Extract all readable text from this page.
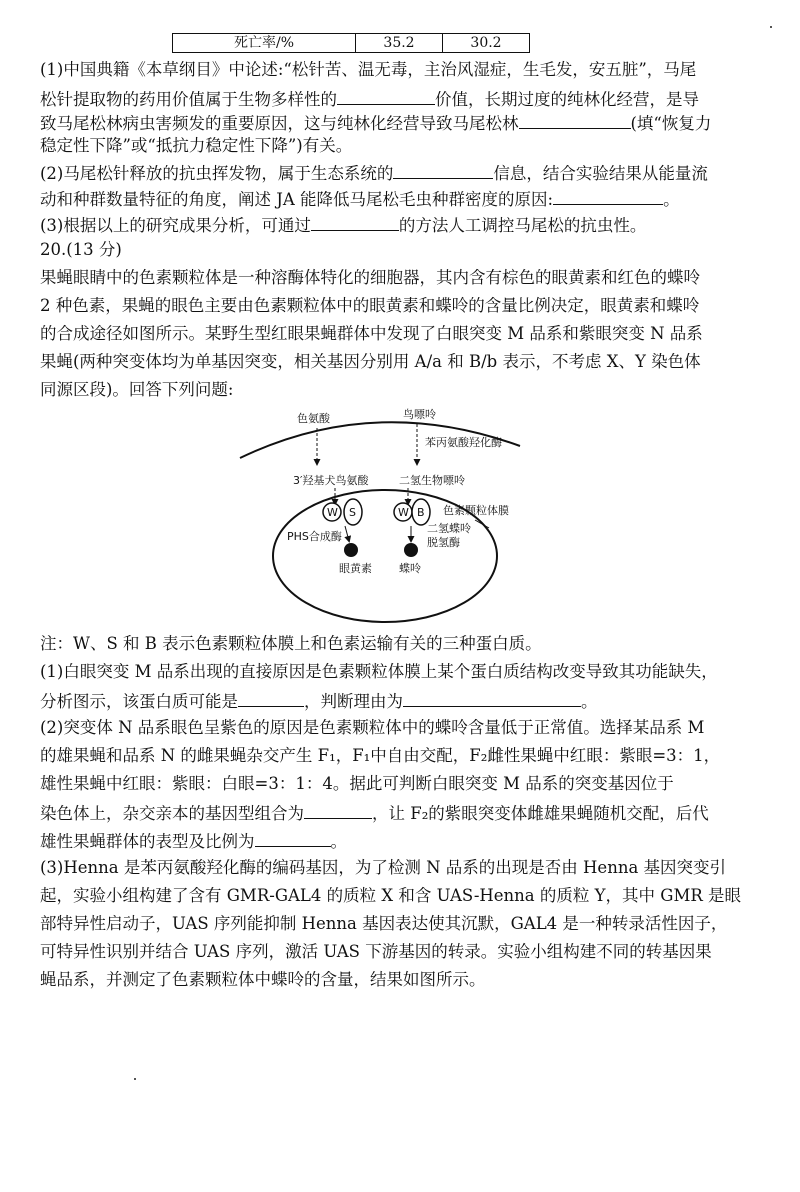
死亡率/%	35.2	30.2
(1)中国典籍《本草纲目》中论述:“松针苦、温无毒，主治风湿症，生毛发，安五脏”，马尾
松针提取物的药用价值属于生物多样性的	价值，长期过度的纯林化经营，是导
致马尾松林病虫害频发的重要原因，这与纯林化经营导致马尾松林	(填“恢复力
稳定性下降”或“抵抗力稳定性下降”)有关。
(2)马尾松针释放的抗虫挥发物，属于生态系统的	信息，结合实验结果从能量流
动和种群数量特征的角度，阐述 JA 能降低马尾松毛虫种群密度的原因:	。
(3)根据以上的研究成果分析，可通过	的方法人工调控马尾松的抗虫性。
20.(13 分)
果蝇眼睛中的色素颗粒体是一种溶酶体特化的细胞器，其内含有棕色的眼黄素和红色的蝶呤
2 种色素，果蝇的眼色主要由色素颗粒体中的眼黄素和蝶呤的含量比例决定，眼黄素和蝶呤
的合成途径如图所示。某野生型红眼果蝇群体中发现了白眼突变 M 品系和紫眼突变 N 品系
果蝇(两种突变体均为单基因突变，相关基因分别用 A/a 和 B/b 表示，不考虑 X、Y 染色体
同源区段)。回答下列问题:
色氨酸	鸟嘌呤
苯丙氨酸羟化酶
3′羟基犬鸟氨酸	二氢生物嘌呤
W S	W B
PHS合成酶
二氢蝶呤
脱氢酶
眼黄素 蝶呤
色素颗粒体膜
注：W、S 和 B 表示色素颗粒体膜上和色素运输有关的三种蛋白质。
(1)白眼突变 M 品系出现的直接原因是色素颗粒体膜上某个蛋白质结构改变导致其功能缺失，
分析图示，该蛋白质可能是	，判断理由为	。
(2)突变体 N 品系眼色呈紫色的原因是色素颗粒体中的蝶呤含量低于正常值。选择某品系 M
的雄果蝇和品系 N 的雌果蝇杂交产生 F₁，F₁中自由交配，F₂雌性果蝇中红眼：紫眼=3：1，
雄性果蝇中红眼：紫眼：白眼=3：1：4。据此可判断白眼突变 M 品系的突变基因位于
染色体上，杂交亲本的基因型组合为	，让 F₂的紫眼突变体雌雄果蝇随机交配，后代
雄性果蝇群体的表型及比例为	。
(3)Henna 是苯丙氨酸羟化酶的编码基因，为了检测 N 品系的出现是否由 Henna 基因突变引
起，实验小组构建了含有 GMR-GAL4 的质粒 X 和含 UAS-Henna 的质粒 Y，其中 GMR 是眼
部特异性启动子，UAS 序列能抑制 Henna 基因表达使其沉默，GAL4 是一种转录活性因子，
可特异性识别并结合 UAS 序列，激活 UAS 下游基因的转录。实验小组构建不同的转基因果
蝇品系，并测定了色素颗粒体中蝶呤的含量，结果如图所示。
